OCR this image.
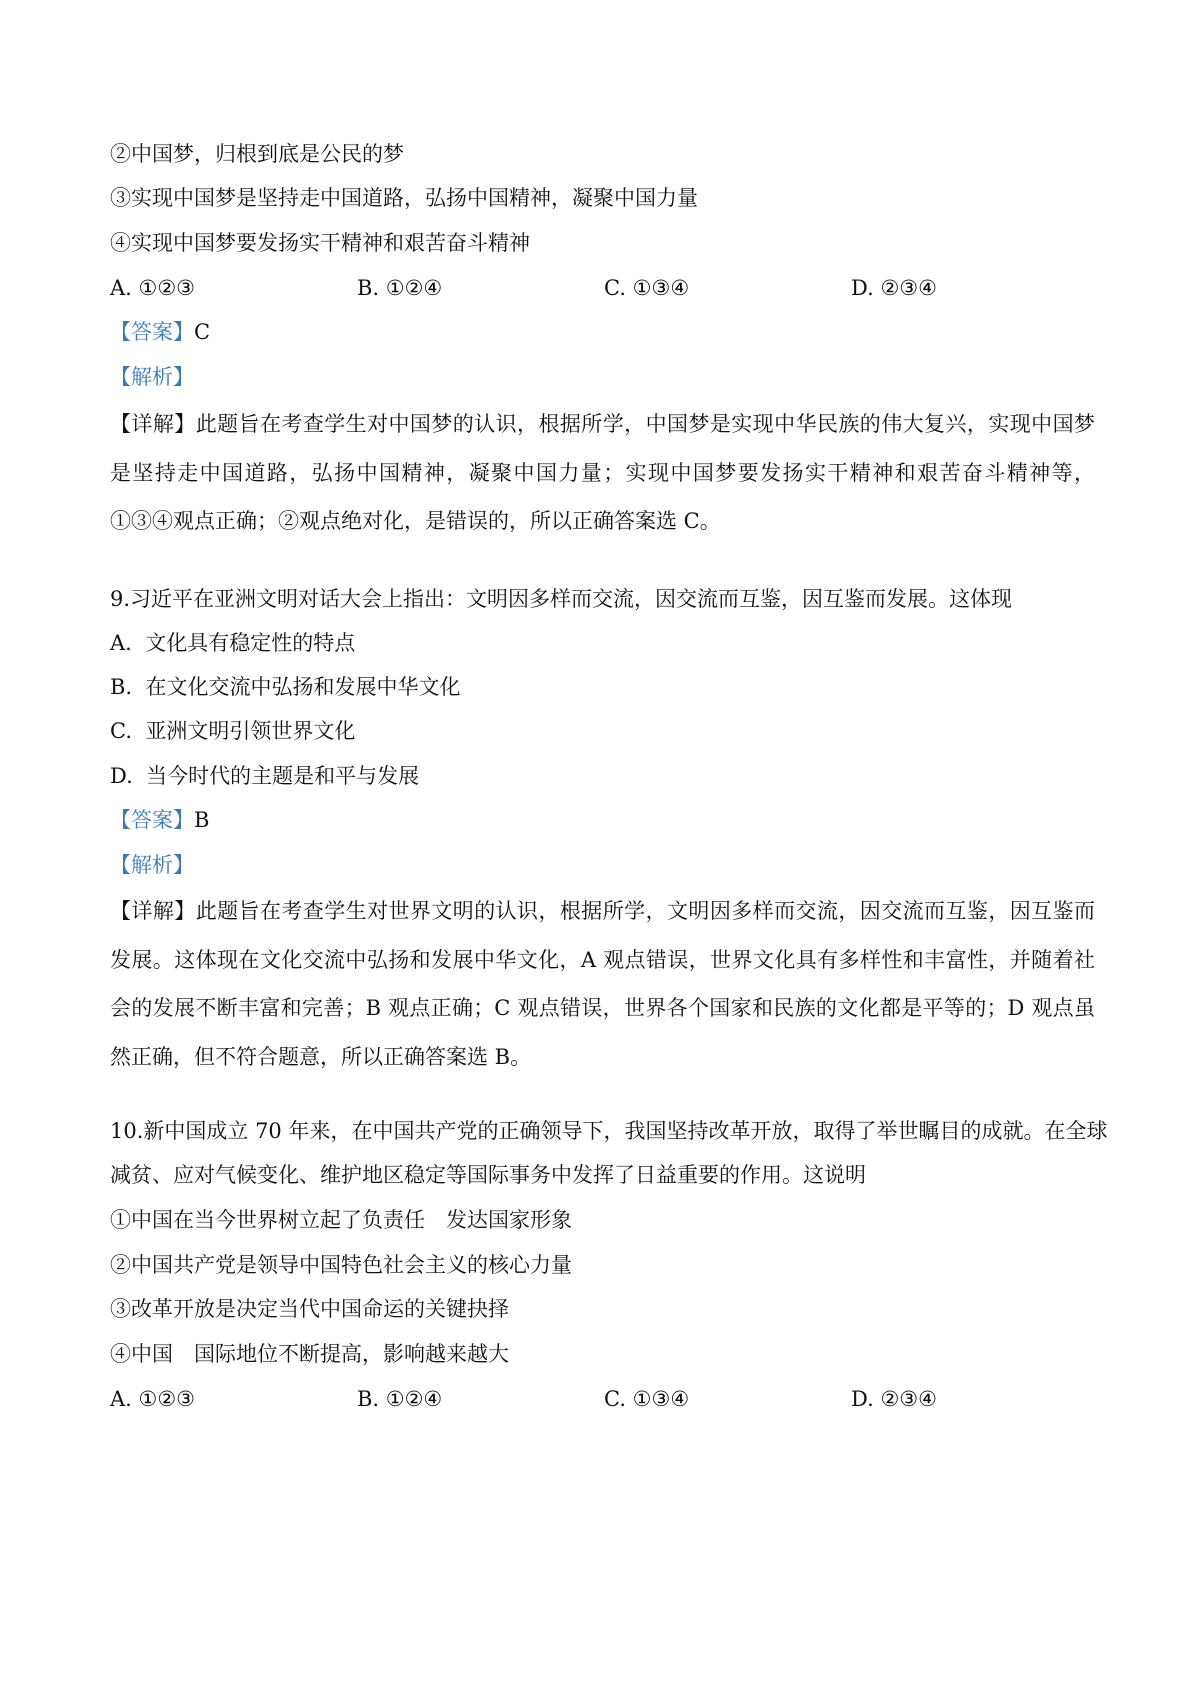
②中国梦，归根到底是公民的梦
③实现中国梦是坚持走中国道路，弘扬中国精神，凝聚中国力量
④实现中国梦要发扬实干精神和艰苦奋斗精神
A. ①②③	B. ①②④	C. ①③④	D. ②③④
【答案】C
【解析】
【详解】此题旨在考查学生对中国梦的认识，根据所学，中国梦是实现中华民族的伟大复兴，实现中国梦是坚持走中国道路，弘扬中国精神，凝聚中国力量；实现中国梦要发扬实干精神和艰苦奋斗精神等，①③④观点正确；②观点绝对化，是错误的，所以正确答案选 C。
9.习近平在亚洲文明对话大会上指出：文明因多样而交流，因交流而互鉴，因互鉴而发展。这体现
A.  文化具有稳定性的特点
B.  在文化交流中弘扬和发展中华文化
C.  亚洲文明引领世界文化
D.  当今时代的主题是和平与发展
【答案】B
【解析】
【详解】此题旨在考查学生对世界文明的认识，根据所学，文明因多样而交流，因交流而互鉴，因互鉴而发展。这体现在文化交流中弘扬和发展中华文化，A 观点错误，世界文化具有多样性和丰富性，并随着社会的发展不断丰富和完善；B 观点正确；C 观点错误，世界各个国家和民族的文化都是平等的；D 观点虽然正确，但不符合题意，所以正确答案选 B。
10.新中国成立 70 年来，在中国共产党的正确领导下，我国坚持改革开放，取得了举世瞩目的成就。在全球
减贫、应对气候变化、维护地区稳定等国际事务中发挥了日益重要的作用。这说明
①中国在当今世界树立起了负责任　发达国家形象
②中国共产党是领导中国特色社会主义的核心力量
③改革开放是决定当代中国命运的关键抉择
④中国　国际地位不断提高，影响越来越大
A. ①②③	B. ①②④	C. ①③④	D. ②③④
